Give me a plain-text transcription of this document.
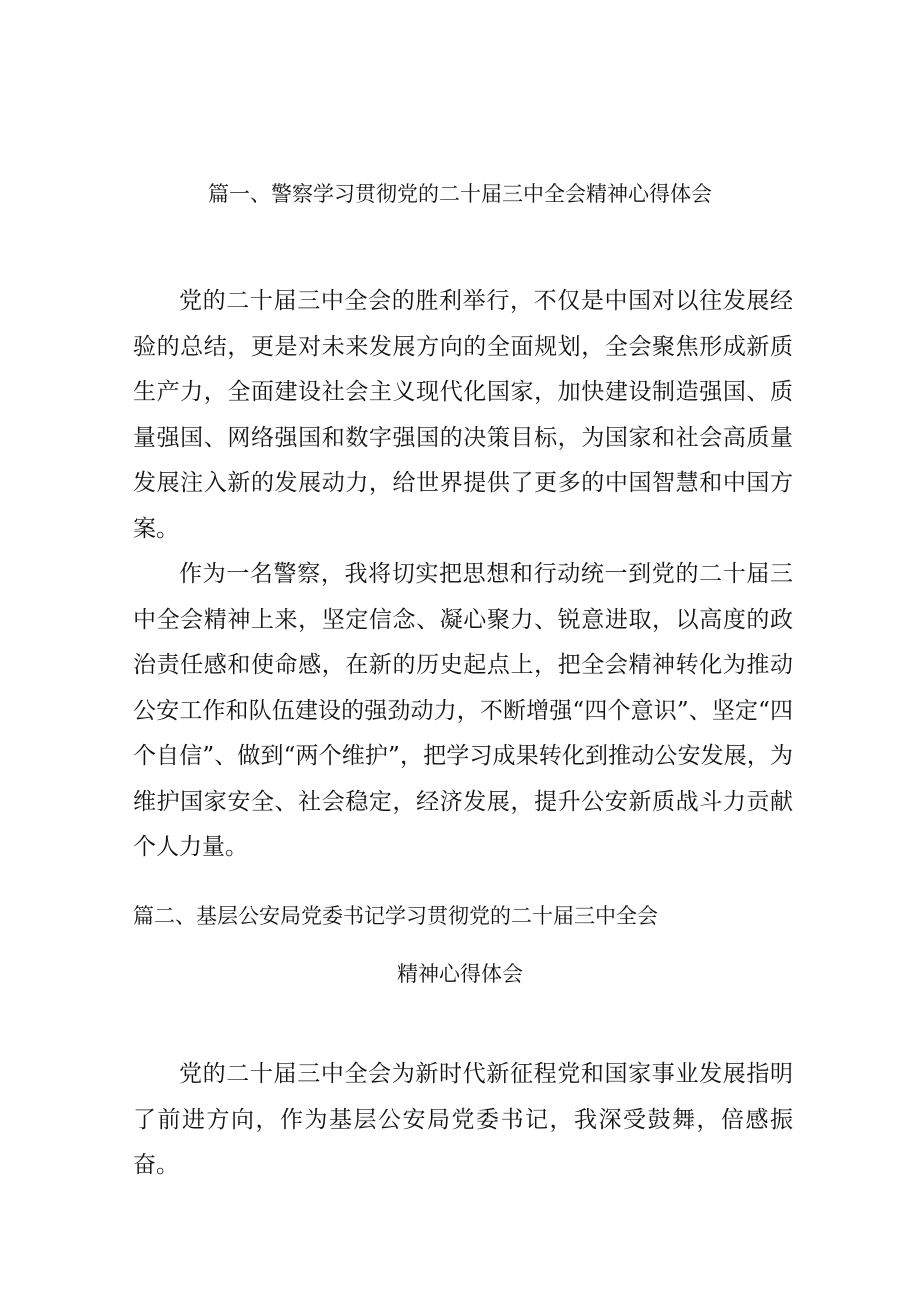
篇一、警察学习贯彻党的二十届三中全会精神心得体会

党的二十届三中全会的胜利举行，不仅是中国对以往发展经验的总结，更是对未来发展方向的全面规划，全会聚焦形成新质生产力，全面建设社会主义现代化国家，加快建设制造强国、质量强国、网络强国和数字强国的决策目标，为国家和社会高质量发展注入新的发展动力，给世界提供了更多的中国智慧和中国方案。

作为一名警察，我将切实把思想和行动统一到党的二十届三中全会精神上来，坚定信念、凝心聚力、锐意进取，以高度的政治责任感和使命感，在新的历史起点上，把全会精神转化为推动公安工作和队伍建设的强劲动力，不断增强“四个意识”、坚定“四个自信”、做到“两个维护”，把学习成果转化到推动公安发展，为维护国家安全、社会稳定，经济发展，提升公安新质战斗力贡献个人力量。

篇二、基层公安局党委书记学习贯彻党的二十届三中全会
精神心得体会

党的二十届三中全会为新时代新征程党和国家事业发展指明了前进方向，作为基层公安局党委书记，我深受鼓舞，倍感振奋。
